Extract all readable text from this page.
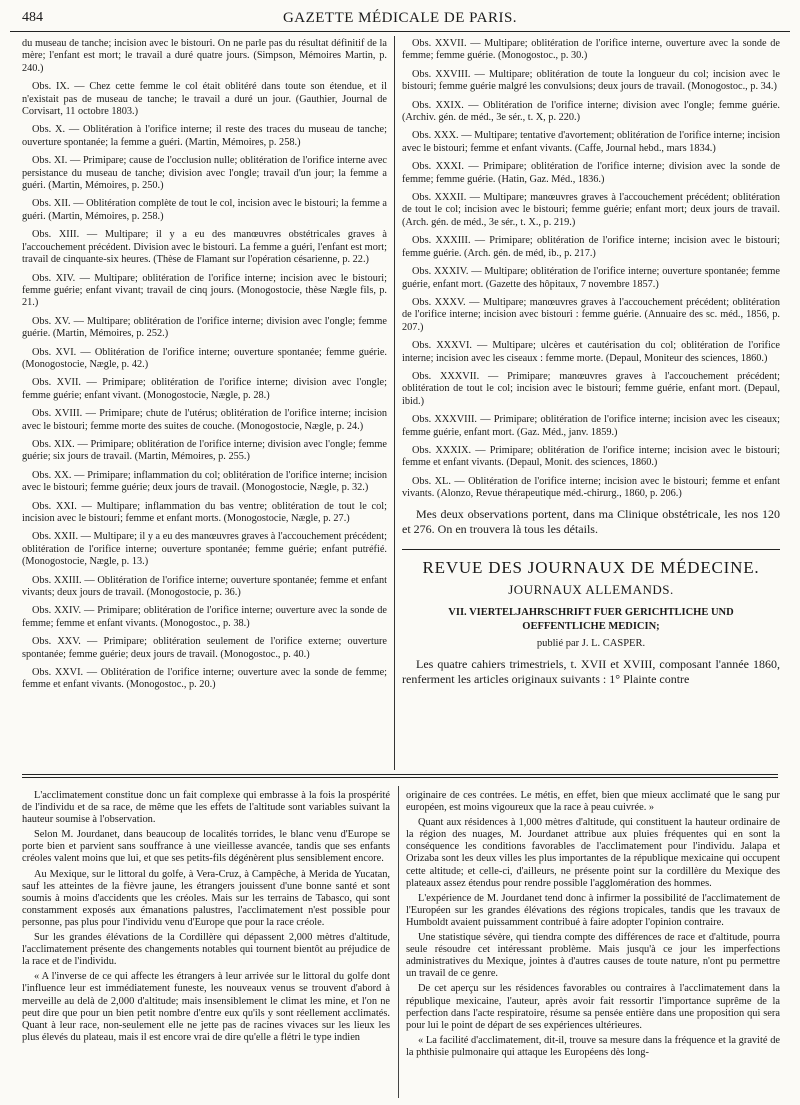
484	GAZETTE MÉDICALE DE PARIS.

du museau de tanche; incision avec le bistouri. On ne parle pas du résultat définitif de la mère; l'enfant est mort; le travail a duré quatre jours. (Simpson, Mémoires Martin, p. 240.)

Obs. IX. — Chez cette femme le col était oblitéré dans toute son étendue, et il n'existait pas de museau de tanche; le travail a duré un jour. (Gauthier, Journal de Corvisart, 11 octobre 1803.)

Obs. X. — Oblitération à l'orifice interne; il reste des traces du museau de tanche; ouverture spontanée; la femme a guéri. (Martin, Mémoires, p. 258.)

Obs. XI. — Primipare; cause de l'occlusion nulle; oblitération de l'orifice interne avec persistance du museau de tanche; division avec l'ongle; travail d'un jour; la femme a guéri. (Martin, Mémoires, p. 250.)

Obs. XII. — Oblitération complète de tout le col, incision avec le bistouri; la femme a guéri. (Martin, Mémoires, p. 258.)

Obs. XIII. — Multipare; il y a eu des manœuvres obstétricales graves à l'accouchement précédent. Division avec le bistouri. La femme a guéri, l'enfant est mort; travail de cinquante-six heures. (Thèse de Flamant sur l'opération césarienne, p. 22.)

Obs. XIV. — Multipare; oblitération de l'orifice interne; incision avec le bistouri; femme guérie; enfant vivant; travail de cinq jours. (Monogostocie, thèse Nægle fils, p. 21.)

Obs. XV. — Multipare; oblitération de l'orifice interne; division avec l'ongle; femme guérie. (Martin, Mémoires, p. 252.)

Obs. XVI. — Oblitération de l'orifice interne; ouverture spontanée; femme guérie. (Monogostocie, Nægle, p. 42.)

Obs. XVII. — Primipare; oblitération de l'orifice interne; division avec l'ongle; femme guérie; enfant vivant. (Monogostocie, Nægle, p. 28.)

Obs. XVIII. — Primipare; chute de l'utérus; oblitération de l'orifice interne; incision avec le bistouri; femme morte des suites de couche. (Monogostocie, Nægle, p. 24.)

Obs. XIX. — Primipare; oblitération de l'orifice interne; division avec l'ongle; femme guérie; six jours de travail. (Martin, Mémoires, p. 255.)

Obs. XX. — Primipare; inflammation du col; oblitération de l'orifice interne; incision avec le bistouri; femme guérie; deux jours de travail. (Monogostocie, Nægle, p. 32.)

Obs. XXI. — Multipare; inflammation du bas ventre; oblitération de tout le col; incision avec le bistouri; femme et enfant morts. (Monogostocie, Nægle, p. 27.)

Obs. XXII. — Multipare; il y a eu des manœuvres graves à l'accouchement précédent; oblitération de l'orifice interne; ouverture spontanée; femme guérie; enfant putréfié. (Monogostocie, Nægle, p. 13.)

Obs. XXIII. — Oblitération de l'orifice interne; ouverture spontanée; femme et enfant vivants; deux jours de travail. (Monogostocie, p. 36.)

Obs. XXIV. — Primipare; oblitération de l'orifice interne; ouverture avec la sonde de femme; femme et enfant vivants. (Monogostoc., p. 38.)

Obs. XXV. — Primipare; oblitération seulement de l'orifice externe; ouverture spontanée; femme guérie; deux jours de travail. (Monogostoc., p. 40.)

Obs. XXVI. — Oblitération de l'orifice interne; ouverture avec la sonde de femme; femme et enfant vivants. (Monogostoc., p. 20.)

Obs. XXVII. — Multipare; oblitération de l'orifice interne, ouverture avec la sonde de femme; femme guérie. (Monogostoc., p. 30.)

Obs. XXVIII. — Multipare; oblitération de toute la longueur du col; incision avec le bistouri; femme guérie malgré les convulsions; deux jours de travail. (Monogostoc., p. 34.)

Obs. XXIX. — Oblitération de l'orifice interne; division avec l'ongle; femme guérie. (Archiv. gén. de méd., 3e sér., t. X, p. 220.)

Obs. XXX. — Multipare; tentative d'avortement; oblitération de l'orifice interne; incision avec le bistouri; femme et enfant vivants. (Caffe, Journal hebd., mars 1834.)

Obs. XXXI. — Primipare; oblitération de l'orifice interne; division avec la sonde de femme; femme guérie. (Hatin, Gaz. Méd., 1836.)

Obs. XXXII. — Multipare; manœuvres graves à l'accouchement précédent; oblitération de tout le col; incision avec le bistouri; femme guérie; enfant mort; deux jours de travail. (Arch. gén. de méd., 3e sér., t. X., p. 219.)

Obs. XXXIII. — Primipare; oblitération de l'orifice interne; incision avec le bistouri; femme guérie. (Arch. gén. de méd, ib., p. 217.)

Obs. XXXIV. — Multipare; oblitération de l'orifice interne; ouverture spontanée; femme guérie, enfant mort. (Gazette des hôpitaux, 7 novembre 1857.)

Obs. XXXV. — Multipare; manœuvres graves à l'accouchement précédent; oblitération de l'orifice interne; incision avec bistouri : femme guérie. (Annuaire des sc. méd., 1856, p. 207.)

Obs. XXXVI. — Multipare; ulcères et cautérisation du col; oblitération de l'orifice interne; incision avec les ciseaux : femme morte. (Depaul, Moniteur des sciences, 1860.)

Obs. XXXVII. — Primipare; manœuvres graves à l'accouchement précédent; oblitération de tout le col; incision avec le bistouri; femme guérie, enfant mort. (Depaul, ibid.)

Obs. XXXVIII. — Primipare; oblitération de l'orifice interne; incision avec les ciseaux; femme guérie, enfant mort. (Gaz. Méd., janv. 1859.)

Obs. XXXIX. — Primipare; oblitération de l'orifice interne; incision avec le bistouri; femme et enfant vivants. (Depaul, Monit. des sciences, 1860.)

Obs. XL. — Oblitération de l'orifice interne; incision avec le bistouri; femme et enfant vivants. (Alonzo, Revue thérapeutique méd.-chirurg., 1860, p. 206.)

Mes deux observations portent, dans ma Clinique obstétricale, les nos 120 et 276. On en trouvera là tous les détails.

REVUE DES JOURNAUX DE MÉDECINE.
JOURNAUX ALLEMANDS.
VII. VIERTELJAHRSCHRIFT FUER GERICHTLICHE UND
OEFFENTLICHE MEDICIN;
publié par J. L. CASPER.

Les quatre cahiers trimestriels, t. XVII et XVIII, composant l'année 1860, renferment les articles originaux suivants : 1° Plainte contre

L'acclimatement constitue donc un fait complexe qui embrasse à la fois la prospérité de l'individu et de sa race, de même que les effets de l'altitude sont variables suivant la hauteur soumise à l'observation.

Selon M. Jourdanet, dans beaucoup de localités torrides, le blanc venu d'Europe se porte bien et parvient sans souffrance à une vieillesse avancée, tandis que ses enfants créoles valent moins que lui, et que ses petits-fils dégénèrent plus sensiblement encore.

Au Mexique, sur le littoral du golfe, à Vera-Cruz, à Campêche, à Merida de Yucatan, sauf les atteintes de la fièvre jaune, les étrangers jouissent d'une bonne santé et sont soumis à moins d'accidents que les créoles. Mais sur les terrains de Tabasco, qui sont constamment exposés aux émanations palustres, l'acclimatement n'est possible pour personne, pas plus pour l'individu venu d'Europe que pour la race créole.

Sur les grandes élévations de la Cordillère qui dépassent 2,000 mètres d'altitude, l'acclimatement présente des changements notables qui tournent bientôt au préjudice de la race et de l'individu.

« A l'inverse de ce qui affecte les étrangers à leur arrivée sur le littoral du golfe dont l'influence leur est immédiatement funeste, les nouveaux venus se trouvent d'abord à merveille au delà de 2,000 d'altitude; mais insensiblement le climat les mine, et l'on ne peut dire que pour un bien petit nombre d'entre eux qu'ils y sont réellement acclimatés. Quant à leur race, non-seulement elle ne jette pas de racines vivaces sur les lieux les plus élevés du plateau, mais il est encore vrai de dire qu'elle a flétri le type indien

originaire de ces contrées. Le métis, en effet, bien que mieux acclimaté que le sang pur européen, est moins vigoureux que la race à peau cuivrée. »

Quant aux résidences à 1,000 mètres d'altitude, qui constituent la hauteur ordinaire de la région des nuages, M. Jourdanet attribue aux pluies fréquentes qui en sont la conséquence les conditions favorables de l'acclimatement pour l'individu. Jalapa et Orizaba sont les deux villes les plus importantes de la république mexicaine qui occupent cette altitude; et celle-ci, d'ailleurs, ne présente point sur la cordillère du Mexique des plateaux assez étendus pour rendre possible l'agglomération des hommes.

L'expérience de M. Jourdanet tend donc à infirmer la possibilité de l'acclimatement de l'Européen sur les grandes élévations des régions tropicales, tandis que les travaux de Humboldt avaient puissamment contribué à faire adopter l'opinion contraire.

Une statistique sévère, qui tiendra compte des différences de race et d'altitude, pourra seule résoudre cet intéressant problème. Mais jusqu'à ce jour les imperfections administratives du Mexique, jointes à d'autres causes de toute nature, n'ont pu permettre un travail de ce genre.

De cet aperçu sur les résidences favorables ou contraires à l'acclimatement dans la république mexicaine, l'auteur, après avoir fait ressortir l'importance suprême de la perfection dans l'acte respiratoire, résume sa pensée entière dans une proposition qui sera pour lui le point de départ de ses expériences ultérieures.

« La facilité d'acclimatement, dit-il, trouve sa mesure dans la fréquence et la gravité de la phthisie pulmonaire qui attaque les Européens dès long-
